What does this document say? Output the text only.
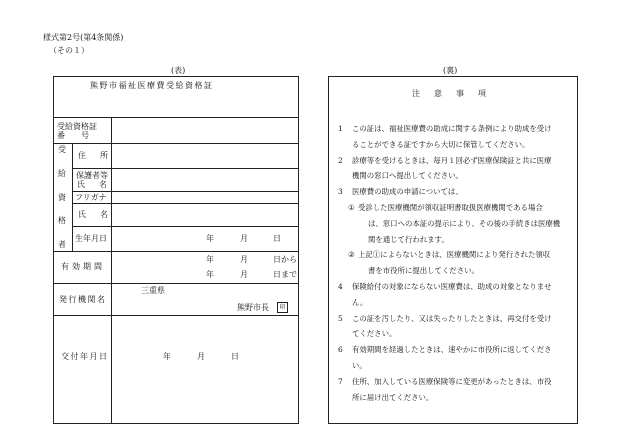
様式第2号(第4条関係)
（その１）
(表)	(裏)
熊野市福祉医療費受給資格証
受給資格証
番　　号
受
給
資
格
者
住　所
保護者等
氏　名
フリガナ
氏　名
生年月日	年	月	日
有効期間
年	月	日から
年	月	日まで
発行機関名
三重県
熊野市長	印
交付年月日	年	月	日
注　意　事　項
1 この証は、福祉医療費の助成に関する条例により助成を受け
ることができる証ですから大切に保管してください。
2 診療等を受けるときは、毎月１回必ず医療保険証と共に医療
機関の窓口へ提出してください。
3 医療費の助成の申請については、
① 受診した医療機関が領収証明書取扱医療機関である場合
は、窓口への本証の提示により、その後の手続きは医療機
関を通じて行われます。
② 上記①によらないときは、医療機関により発行された領収
書を市役所に提出してください。
4 保険給付の対象にならない医療費は、助成の対象となりませ
ん。
5 この証を汚したり、又は失ったりしたときは、再交付を受け
てください。
6 有効期間を経過したときは、速やかに市役所に返してくださ
い。
7 住所、加入している医療保険等に変更があったときは、市役
所に届け出てください。
